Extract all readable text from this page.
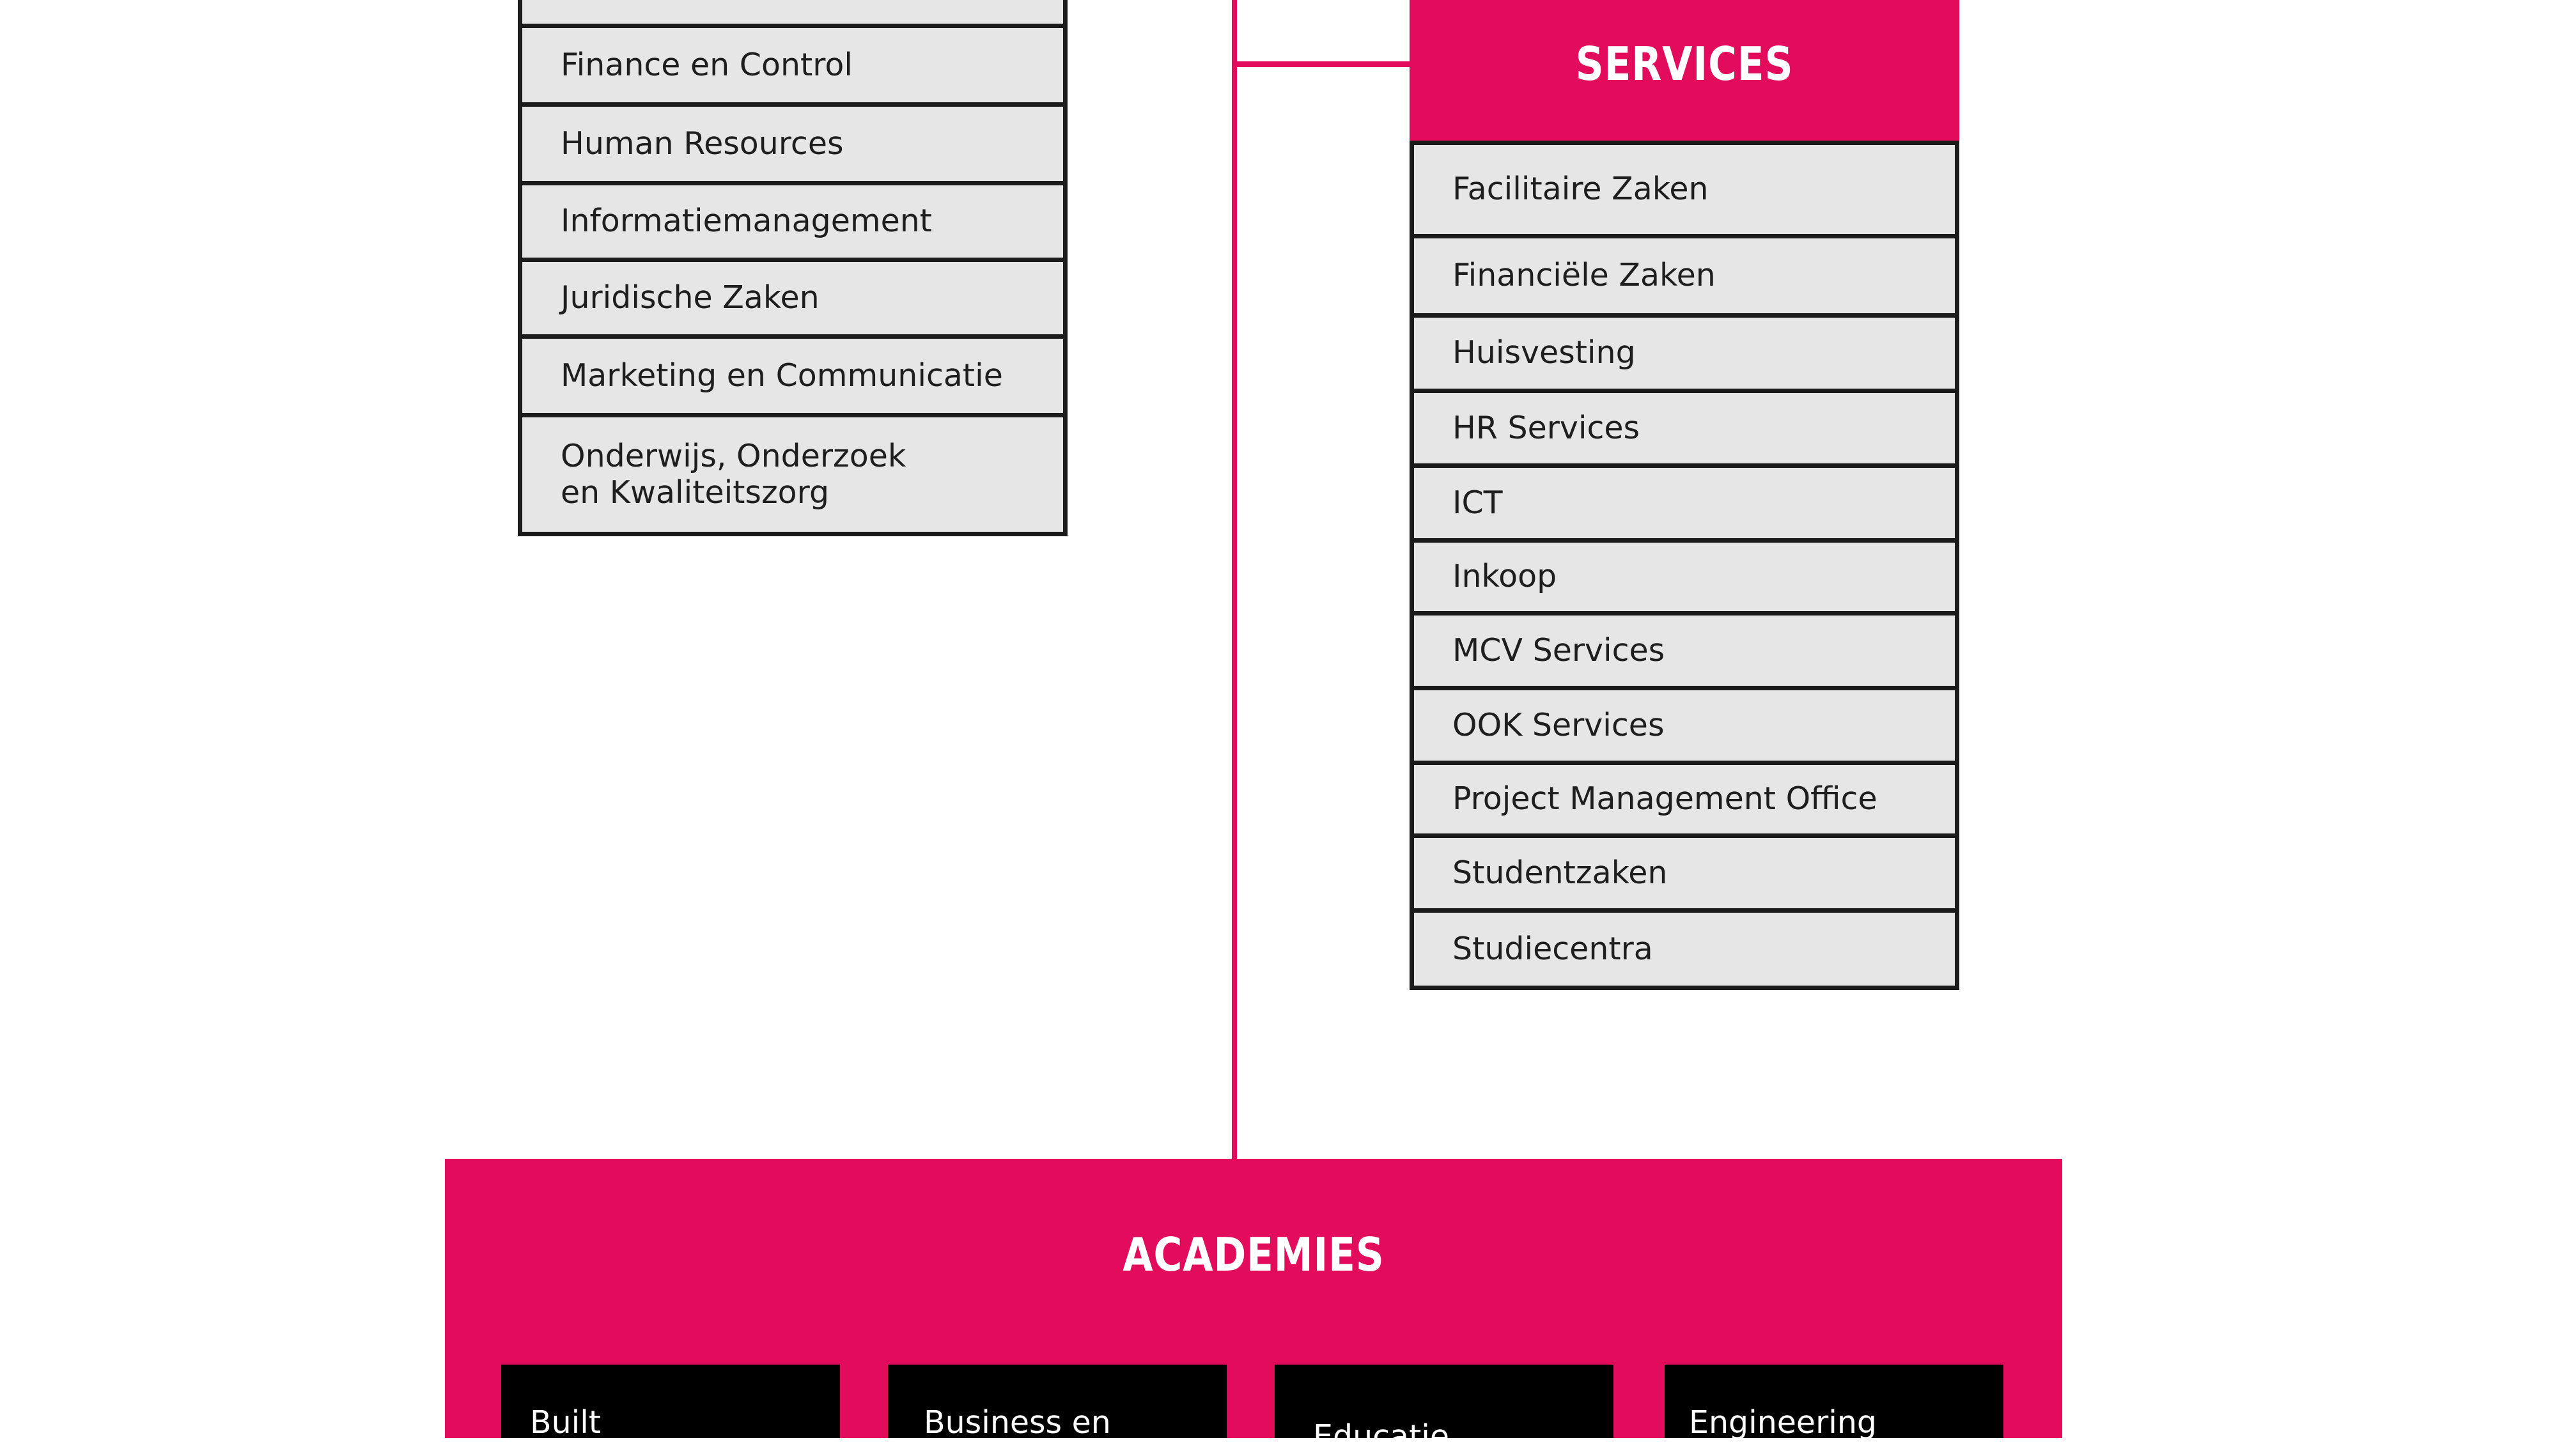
Finance en Control
Human Resources
Informatiemanagement
Juridische Zaken
Marketing en Communicatie
Onderwijs, Onderzoek
en Kwaliteitszorg
SERVICES
Facilitaire Zaken
Financiële Zaken
Huisvesting
HR Services
ICT
Inkoop
MCV Services
OOK Services
Project Management Office
Studentzaken
Studiecentra
ACADEMIES
Built	Business en	Educatie	Engineering
